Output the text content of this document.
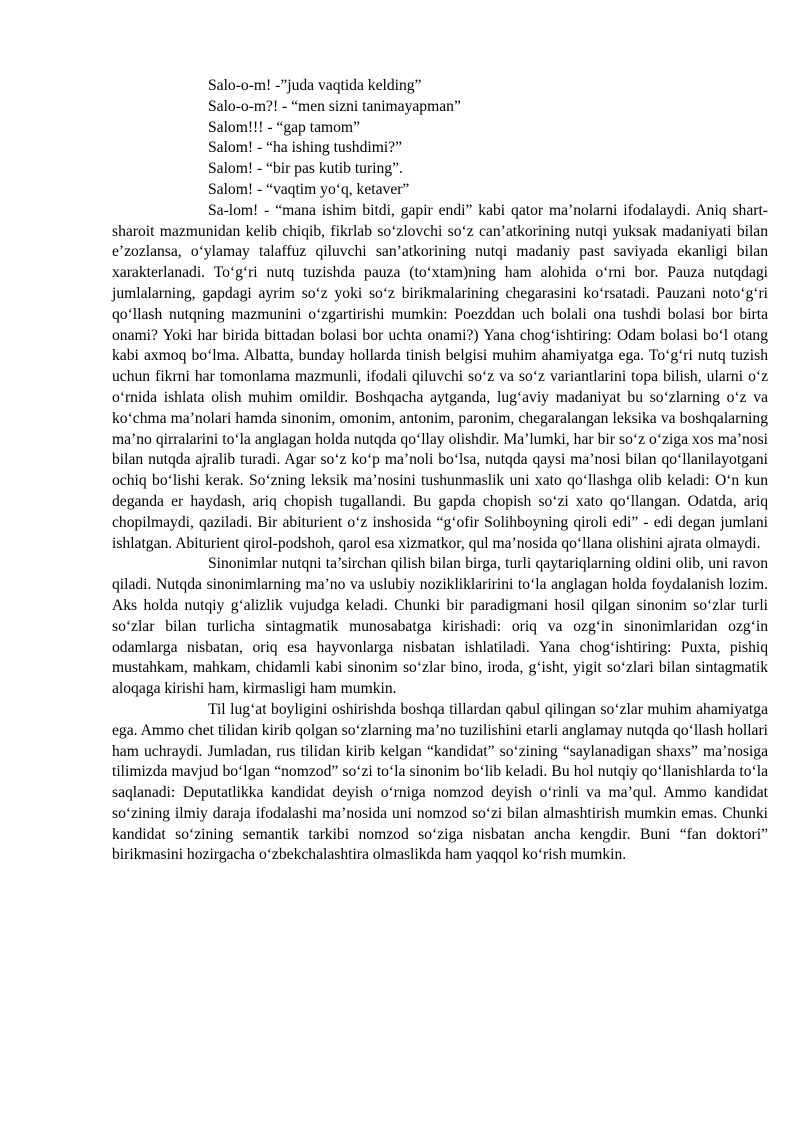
Salo-o-m! -”juda vaqtida kelding”
Salo-o-m?! - “men sizni tanimayapman”
Salom!!! - “gap tamom”
Salom! - “ha ishing tushdimi?”
Salom! - “bir pas kutib turing”.
Salom! - “vaqtim yo‘q, ketaver”

Sa-lom! - “mana ishim bitdi, gapir endi” kabi qator ma’nolarni ifodalaydi. Aniq shart-sharoit mazmunidan kelib chiqib, fikrlab so‘zlovchi so‘z can’atkorining nutqi yuksak madaniyati bilan e’zozlansa, o‘ylamay talaffuz qiluvchi san’atkorining nutqi madaniy past saviyada ekanligi bilan xarakterlanadi. To‘g‘ri nutq tuzishda pauza (to‘xtam)ning ham alohida o‘rni bor. Pauza nutqdagi jumlalarning, gapdagi ayrim so‘z yoki so‘z birikmalarining chegarasini ko‘rsatadi. Pauzani noto‘g‘ri qo‘llash nutqning mazmunini o‘zgartirishi mumkin: Poezddan uch bolali ona tushdi bolasi bor birta onami? Yoki har birida bittadan bolasi bor uchta onami?) Yana chog‘ishtiring: Odam bolasi bo‘l otang kabi axmoq bo‘lma. Albatta, bunday hollarda tinish belgisi muhim ahamiyatga ega. To‘g‘ri nutq tuzish uchun fikrni har tomonlama mazmunli, ifodali qiluvchi so‘z va so‘z variantlarini topa bilish, ularni o‘z o‘rnida ishlata olish muhim omildir. Boshqacha aytganda, lug‘aviy madaniyat bu so‘zlarning o‘z va ko‘chma ma’nolari hamda sinonim, omonim, antonim, paronim, chegaralangan leksika va boshqalarning ma’no qirralarini to‘la anglagan holda nutqda qo‘llay olishdir. Ma’lumki, har bir so‘z o‘ziga xos ma’nosi bilan nutqda ajralib turadi. Agar so‘z ko‘p ma’noli bo‘lsa, nutqda qaysi ma’nosi bilan qo‘llanilayotgani ochiq bo‘lishi kerak. So‘zning leksik ma’nosini tushunmaslik uni xato qo‘llashga olib keladi: O‘n kun deganda er haydash, ariq chopish tugallandi. Bu gapda chopish so‘zi xato qo‘llangan. Odatda, ariq chopilmaydi, qaziladi. Bir abiturient o‘z inshosida “g‘ofir Solihboyning qiroli edi” - edi degan jumlani ishlatgan. Abiturient qirol-podshoh, qarol esa xizmatkor, qul ma’nosida qo‘llana olishini ajrata olmaydi.

Sinonimlar nutqni ta’sirchan qilish bilan birga, turli qaytariqlarning oldini olib, uni ravon qiladi. Nutqda sinonimlarning ma’no va uslubiy nozikliklaririni to‘la anglagan holda foydalanish lozim. Aks holda nutqiy g‘alizlik vujudga keladi. Chunki bir paradigmani hosil qilgan sinonim so‘zlar turli so‘zlar bilan turlicha sintagmatik munosabatga kirishadi: oriq va ozg‘in sinonimlaridan ozg‘in odamlarga nisbatan, oriq esa hayvonlarga nisbatan ishlatiladi. Yana chog‘ishtiring: Puxta, pishiq mustahkam, mahkam, chidamli kabi sinonim so‘zlar bino, iroda, g‘isht, yigit so‘zlari bilan sintagmatik aloqaga kirishi ham, kirmasligi ham mumkin.

Til lug‘at boyligini oshirishda boshqa tillardan qabul qilingan so‘zlar muhim ahamiyatga ega. Ammo chet tilidan kirib qolgan so‘zlarning ma’no tuzilishini etarli anglamay nutqda qo‘llash hollari ham uchraydi. Jumladan, rus tilidan kirib kelgan “kandidat” so‘zining “saylanadigan shaxs” ma’nosiga tilimizda mavjud bo‘lgan “nomzod” so‘zi to‘la sinonim bo‘lib keladi. Bu hol nutqiy qo‘llanishlarda to‘la saqlanadi: Deputatlikka kandidat deyish o‘rniga nomzod deyish o‘rinli va ma’qul. Ammo kandidat so‘zining ilmiy daraja ifodalashi ma’nosida uni nomzod so‘zi bilan almashtirish mumkin emas. Chunki kandidat so‘zining semantik tarkibi nomzod so‘ziga nisbatan ancha kengdir. Buni “fan doktori” birikmasini hozirgacha o‘zbekchalashtira olmaslikda ham yaqqol ko‘rish mumkin.
